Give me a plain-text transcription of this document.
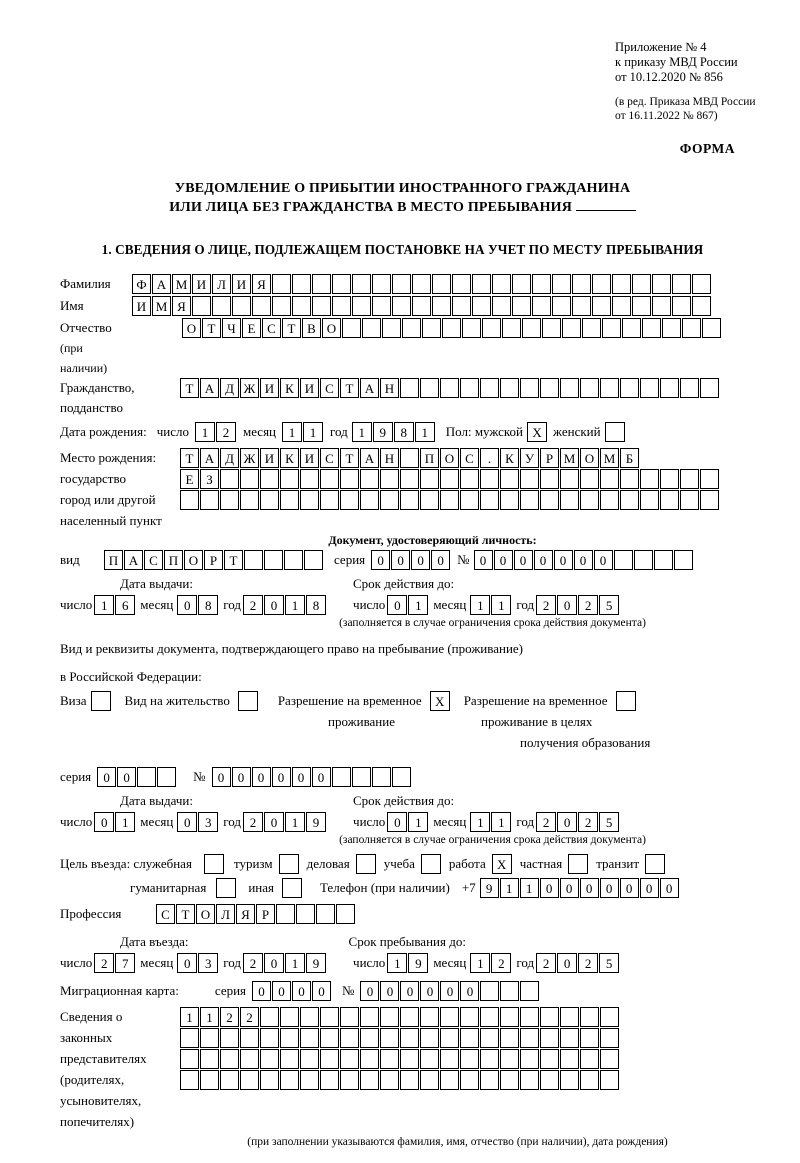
Приложение № 4
к приказу МВД России
от 10.12.2020 № 856
(в ред. Приказа МВД России
от 16.11.2022 № 867)
ФОРМА
УВЕДОМЛЕНИЕ О ПРИБЫТИИ ИНОСТРАННОГО ГРАЖДАНИНА
ИЛИ ЛИЦА БЕЗ ГРАЖДАНСТВА В МЕСТО ПРЕБЫВАНИЯ
1. СВЕДЕНИЯ О ЛИЦЕ, ПОДЛЕЖАЩЕМ ПОСТАНОВКЕ НА УЧЕТ ПО МЕСТУ ПРЕБЫВАНИЯ
Фамилия	Ф А М И Л И Я
Имя	И М Я
Отчество	О Т Ч Е С Т В О
(при наличии)
Гражданство,	Т А Д Ж И К И С Т А Н
подданство
Дата рождения: число 1	2	месяц 1	1	год 1	9	8	1	Пол: мужской Х женский
Место рождения:	Т А Д Ж И К И С Т А Н	П О С	.	К У Р М О М Б
государство	Е З
город или другой
населенный пункт
Документ, удостоверяющий личность:
вид	П А С П О Р Т	серия 0	0	0	0	№ 0	0	0	0	0	0	0
Дата выдачи:	Срок действия до:
число 1	6 месяц 0	8 год 2	0	1	8	число 0	1 месяц 1	1 год 2	0	2	5
(заполняется в случае ограничения срока действия документа)
Вид и реквизиты документа, подтверждающего право на пребывание (проживание)
в Российской Федерации:
Виза	Вид на жительство	Разрешение на временное	Х	Разрешение на временное
проживание	проживание в целях
получения образования
серия 0	0	№ 0	0	0	0	0	0
Дата выдачи:	Срок действия до:
число 0	1 месяц 0	3 год 2	0	1	9	число 0	1 месяц 1	1 год 2	0	2	5
(заполняется в случае ограничения срока действия документа)
Цель въезда: служебная	туризм	деловая	учеба	работа Х	частная	транзит
гуманитарная	иная	Телефон (при наличии) +7 9	1	1	0	0	0	0	0	0	0
Профессия	С Т О Л Я Р
Дата въезда:	Срок пребывания до:
число 2	7 месяц 0	3 год 2	0	1	9	число 1	9 месяц 1	2 год 2	0	2	5
Миграционная карта:	серия 0	0	0	0	№ 0	0	0	0	0	0
Сведения о	1	1	2	2
законных
представителях
(родителях,
усыновителях,
попечителях)
(при заполнении указываются фамилия, имя, отчество (при наличии), дата рождения)
